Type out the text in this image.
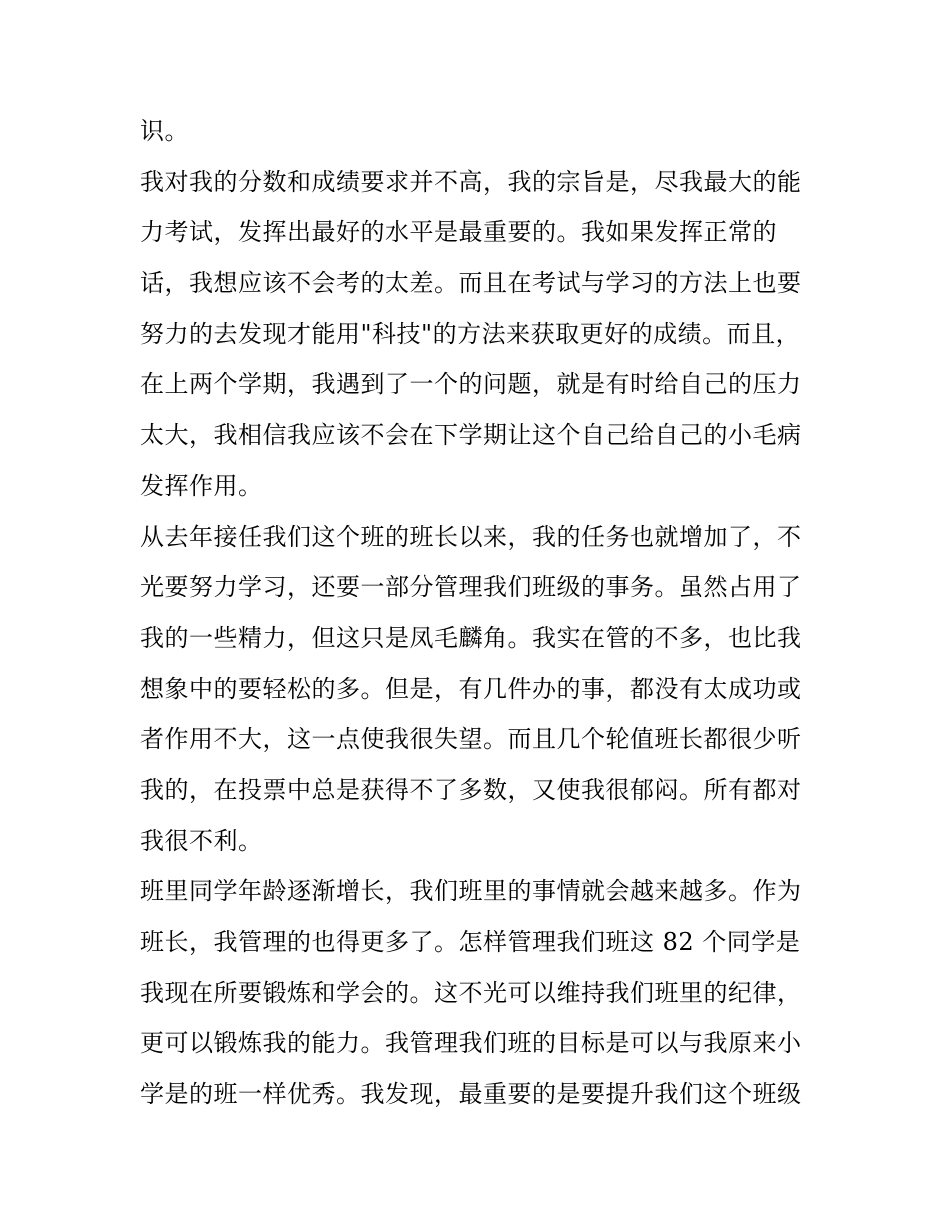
识。
我对我的分数和成绩要求并不高，我的宗旨是，尽我最大的能
力考试，发挥出最好的水平是最重要的。我如果发挥正常的
话，我想应该不会考的太差。而且在考试与学习的方法上也要
努力的去发现才能用"科技"的方法来获取更好的成绩。而且，
在上两个学期，我遇到了一个的问题，就是有时给自己的压力
太大，我相信我应该不会在下学期让这个自己给自己的小毛病
发挥作用。
从去年接任我们这个班的班长以来，我的任务也就增加了，不
光要努力学习，还要一部分管理我们班级的事务。虽然占用了
我的一些精力，但这只是凤毛麟角。我实在管的不多，也比我
想象中的要轻松的多。但是，有几件办的事，都没有太成功或
者作用不大，这一点使我很失望。而且几个轮值班长都很少听
我的，在投票中总是获得不了多数，又使我很郁闷。所有都对
我很不利。
班里同学年龄逐渐增长，我们班里的事情就会越来越多。作为
班长，我管理的也得更多了。怎样管理我们班这 82 个同学是
我现在所要锻炼和学会的。这不光可以维持我们班里的纪律，
更可以锻炼我的能力。我管理我们班的目标是可以与我原来小
学是的班一样优秀。我发现，最重要的是要提升我们这个班级
